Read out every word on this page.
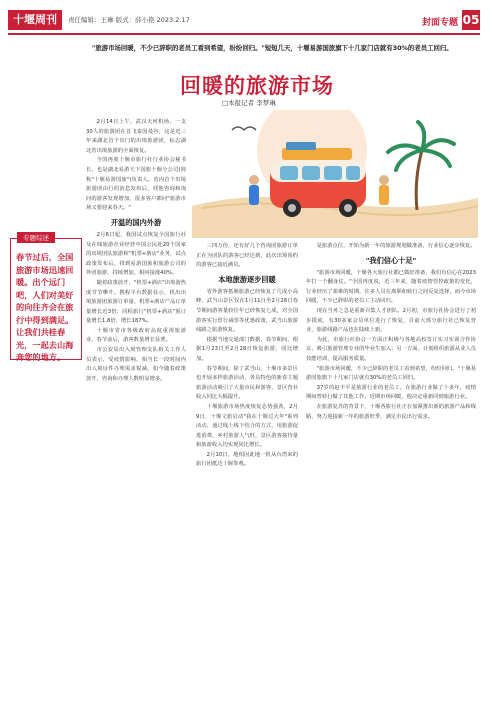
十堰周刊	责任编辑：王琳 版式：薛小艳 2023.2.17	封面专题 05
"旅游市场回暖，不少已辞职的老员工看到希望，纷纷回归。"短短几天，十堰易游国旅旗下十几家门店就有30%的老员工回归。
回暖的旅游市场
□本报记者 李梦琳
专题综述
春节过后，全国旅游市场迅速回暖。出个远门吧，人们对美好的向往齐会在旅行中得到满足。让我们共桂春光，一起去山海奔您的地方。

2月14日上午，武汉天河机场，一支30人的旅游团在首飞泰国曼谷，这是近三年来湖北首个出门的出境旅游团，标志湖北省出境旅游的全面恢复。

全国再度十堰市旅行社行业协会秘书长，也是湖北易游天下国旅十堰分公司(简称"十堰易游国旅")负责人。省内首个出境旅游团由行的消息发布后，找他咨询和询问的游客发现增加，很多客户都问"旅游市场又要迎来春天。"

开温的国内外游

2月6日起，我国试点恢复全国旅行社及在线旅游企业经营中国公民赴20个国家的出境团队旅游和"机票+酒店"业务，试点政策发布后，找到易游国旅和旅游公司的外团旅游，持续增加，相问接涨40%。

随着政策放开，"机票+酒店"出境游热度节节攀升。携程平台数据显示，机出出境旅游团旅游订单量、机票+酒店产品订单量增长近3倍；同程旅行"机票+酒店"预订量增长1.8倍，增长187%。

十堰市省市各级政府高度重视旅游业，春节前后，游客数量增长显著。

市公安局出入境管理支队相关工作人员表示，受疫情影响，相当长一段时间内出入境证件办理需求锐减，如今随着政策放开，咨询和办理人数明显增多。

三四万份，还有好几个咨询团旅游订单正在为团队的游客已经达到，此次出境预约的游客已接近满员。

本地旅游逐步回暖

省外游客抵堰旅游已经恢复了几成小高峰，武当山景区仅在1月11日至2月28日春节期间游客量较往年已经恢复七成，对全国游客实行贸行减票等优惠政策，武当山旅游线路之旅游恢复。

根据当地交通部门数据，春节期间，根据1月23日至2月28日恢复旅游，同比增加。

春节期间，除了武当山，十堰市多景区也开展多样旅游活动，各具特色的新春主题旅游活动吸引了大量市民和游客，景区营业收入同比大幅提升。

十堰旅游市场热度恢复态势强劲，2月9日，十堰文旅启动"我在十堰过大年"系列活动，通过线上线下结合的方式，用旅游促进消费，乡村旅游人气旺，景区游客接待量和旅游收入均实现同比增长。

2月10日，地相因此地一批从台湾来的旅行团抵达十堰参观。

是旅游点位，开始为新一年的旅游规划做准备，行业信心逐步恢复。

"我们信心十足"

"旅游市场回暖，十堰各大旅行社都已做好准备，我们有信心在2023年打一个翻身仗。"全国再度说，近三年来，随着疫情管控政策的变化，行业经历了艰难的时期，许多人员在离职和转行之间反复选择，而今市场回暖，不少已辞职的老员工主动回归。

现在当务之急是重新召集人才团队。2月初，市旅行社协会进行了初步摸底，有30多家会员单位进行了恢复，目前大部分旅行社已恢复营业，旅游线路产品也在陆续上新。

为此，市旅行社协会一方面正积极与各地高校签订实习实训合作协议，吸引旅游管理专业的毕业生加入；另一方面，计划组织旅游从业人员技能培训，提高服务质量。

"旅游市场回暖，不少已辞职的老员工看到希望，纷纷回归。"十堰易游国旅旗下十几家门店就有30%的老员工回归。

37岁的赵丰平是旅游行业的老员工，在旅游行业做了十多年，疫情期间曾转行做了其他工作，近期市场回暖，他决定重新回到旅游行业。

在旅游复苏的背景下，十堰各旅行社正在加紧推出新的旅游产品和线路，努力迎接新一年的旅游旺季，满足市民出行需求。
